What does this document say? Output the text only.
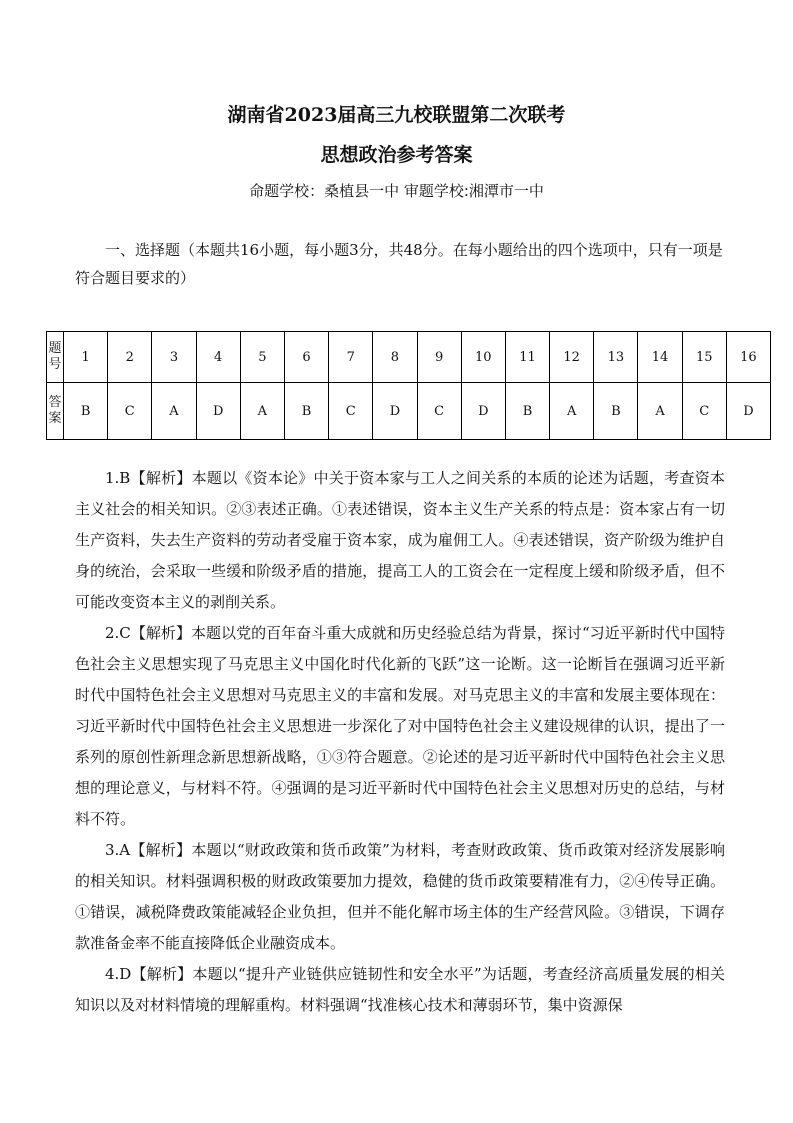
湖南省2023届高三九校联盟第二次联考
思想政治参考答案
命题学校：桑植县一中 审题学校:湘潭市一中
一、选择题（本题共16小题，每小题3分，共48分。在每小题给出的四个选项中，只有一项是符合题目要求的）
题
号	1	2	3	4	5	6	7	8	9	10	11	12	13	14	15	16

答
案	B	C	A	D	A	B	C	D	C	D	B	A	B	A	C	D

1.B【解析】本题以《资本论》中关于资本家与工人之间关系的本质的论述为话题，考查资本主义社会的相关知识。②③表述正确。①表述错误，资本主义生产关系的特点是：资本家占有一切生产资料，失去生产资料的劳动者受雇于资本家，成为雇佣工人。④表述错误，资产阶级为维护自身的统治，会采取一些缓和阶级矛盾的措施，提高工人的工资会在一定程度上缓和阶级矛盾，但不可能改变资本主义的剥削关系。

2.C【解析】本题以党的百年奋斗重大成就和历史经验总结为背景，探讨“习近平新时代中国特色社会主义思想实现了马克思主义中国化时代化新的飞跃”这一论断。这一论断旨在强调习近平新时代中国特色社会主义思想对马克思主义的丰富和发展。对马克思主义的丰富和发展主要体现在：习近平新时代中国特色社会主义思想进一步深化了对中国特色社会主义建设规律的认识，提出了一系列的原创性新理念新思想新战略，①③符合题意。②论述的是习近平新时代中国特色社会主义思想的理论意义，与材料不符。④强调的是习近平新时代中国特色社会主义思想对历史的总结，与材料不符。

3.A【解析】本题以“财政政策和货币政策”为材料，考查财政政策、货币政策对经济发展影响的相关知识。材料强调积极的财政政策要加力提效，稳健的货币政策要精准有力，②④传导正确。①错误，减税降费政策能减轻企业负担，但并不能化解市场主体的生产经营风险。③错误，下调存款准备金率不能直接降低企业融资成本。

4.D【解析】本题以“提升产业链供应链韧性和安全水平”为话题，考查经济高质量发展的相关知识以及对材料情境的理解重构。材料强调“找准核心技术和薄弱环节，集中资源保
